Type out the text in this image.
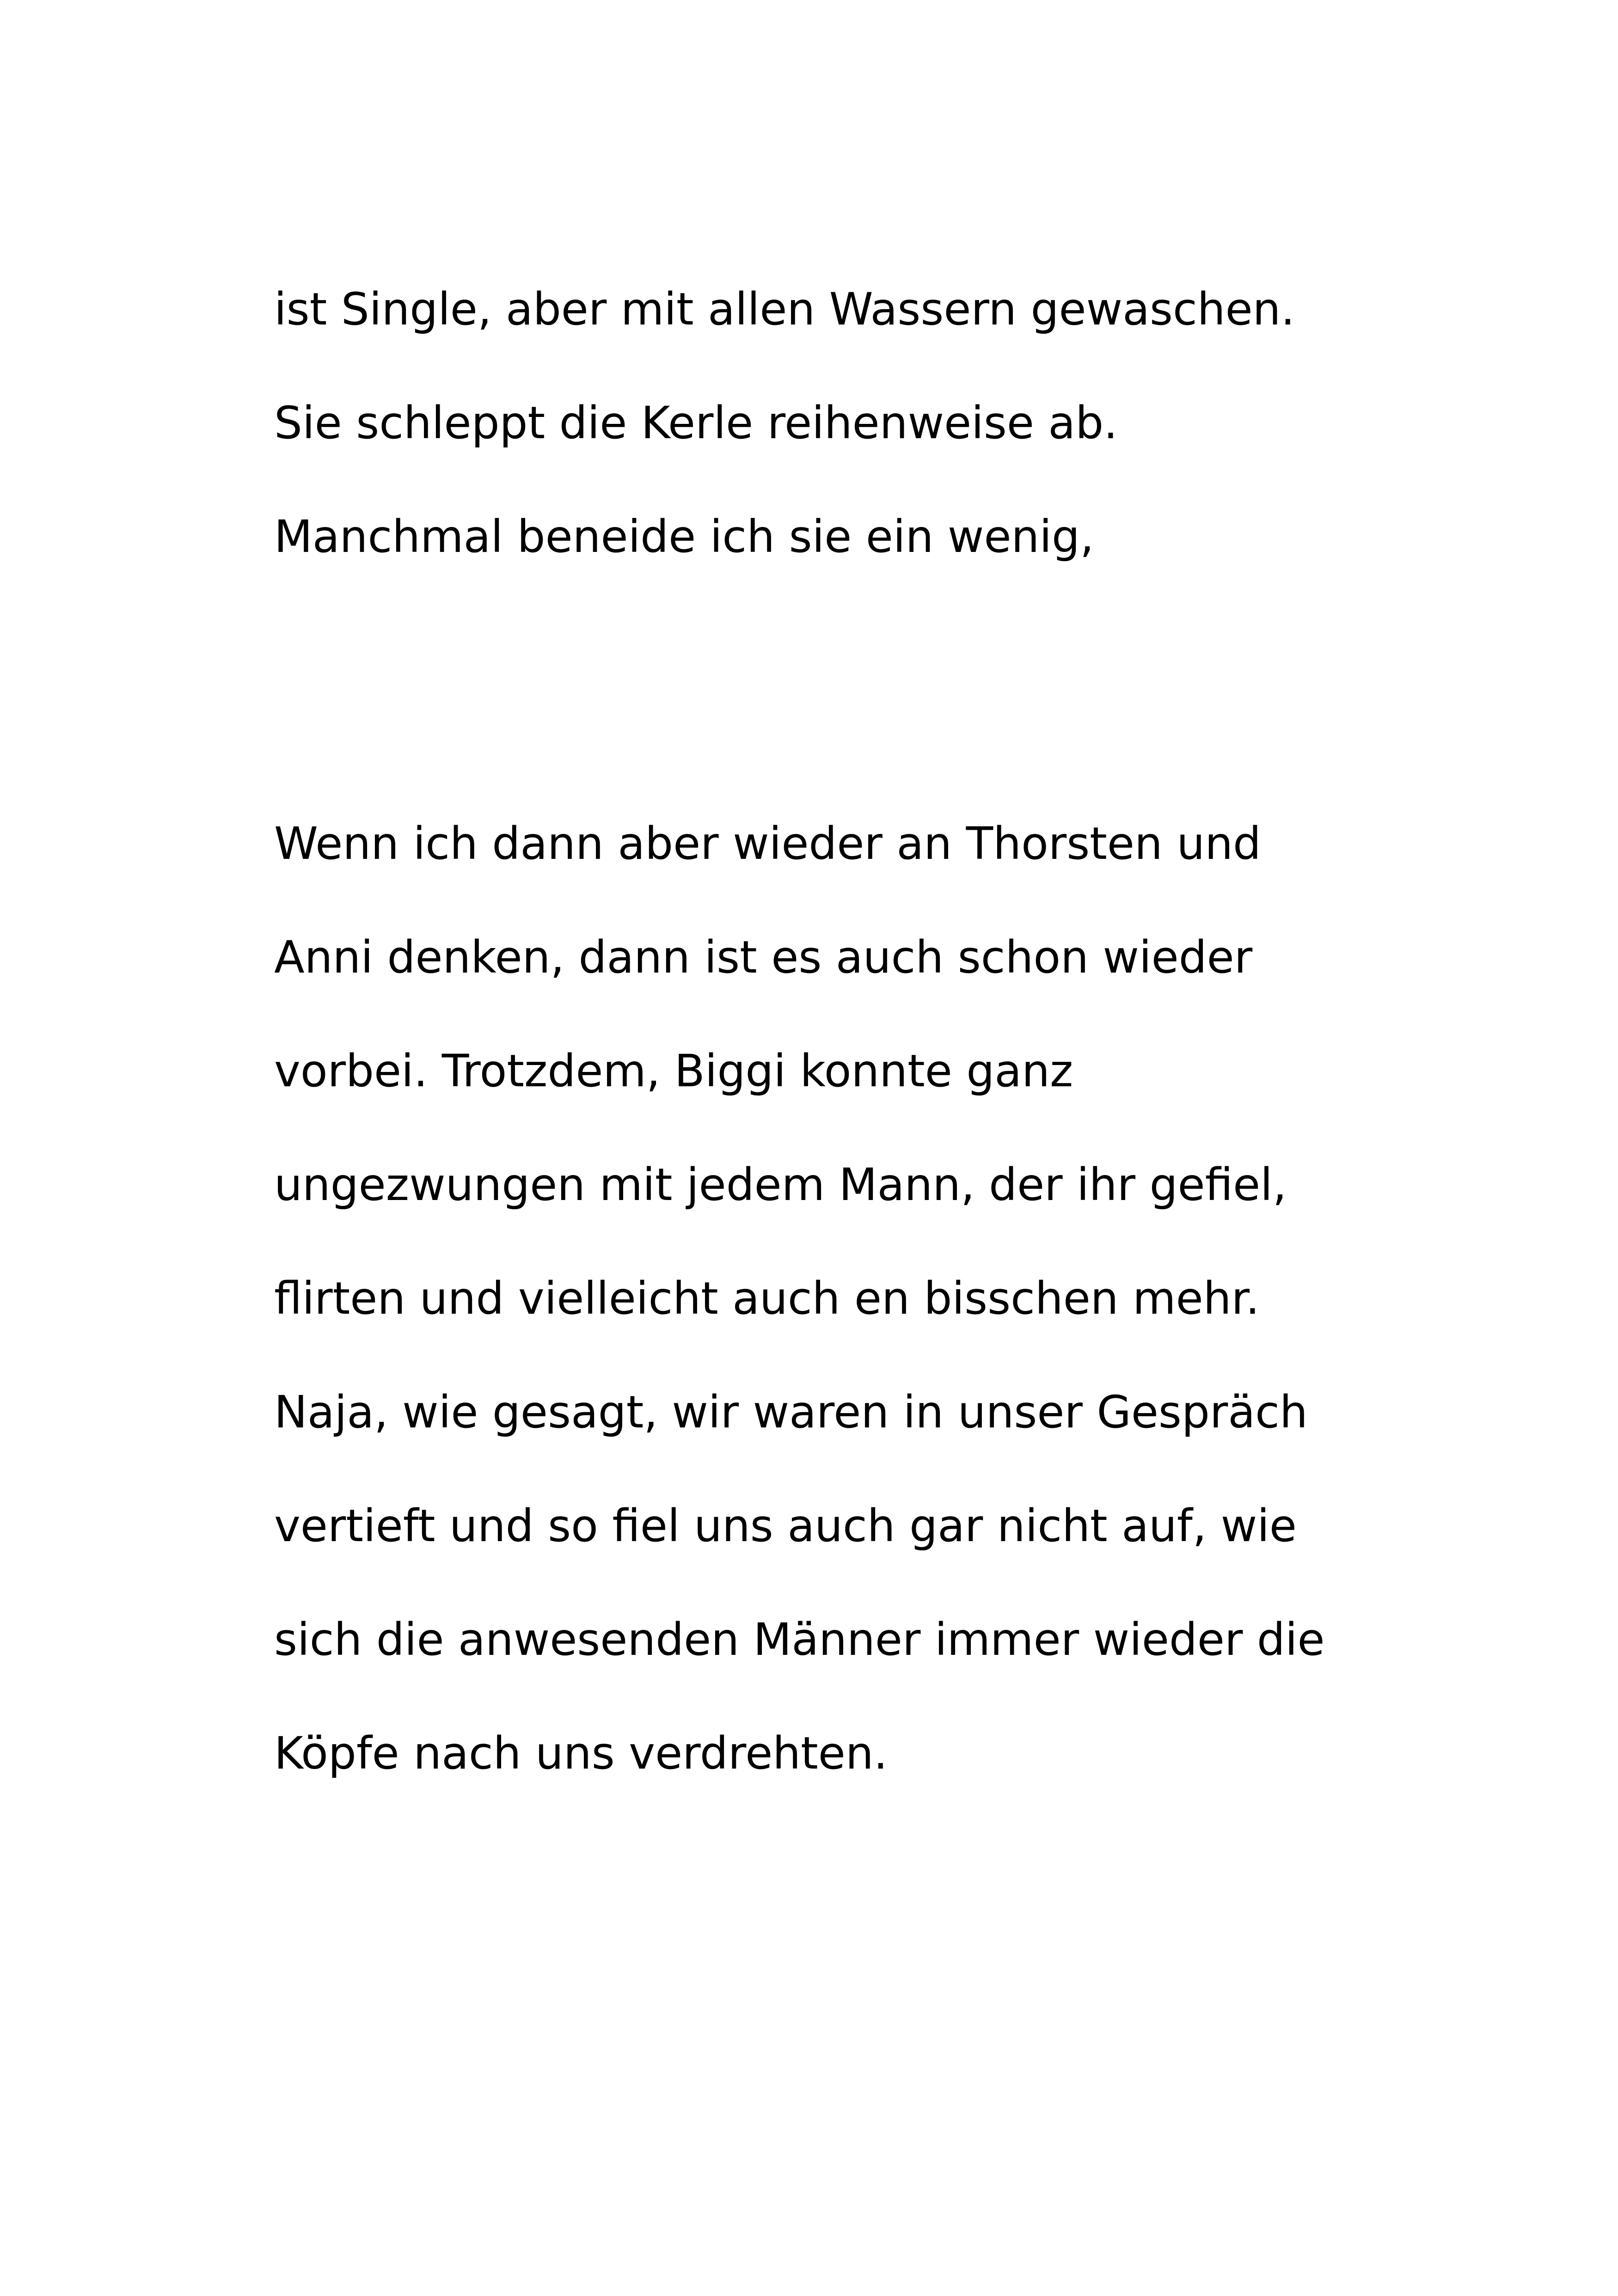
ist Single, aber mit allen Wassern gewaschen.

Sie schleppt die Kerle reihenweise ab.

Manchmal beneide ich sie ein wenig,

Wenn ich dann aber wieder an Thorsten und

Anni denken, dann ist es auch schon wieder

vorbei. Trotzdem, Biggi konnte ganz

ungezwungen mit jedem Mann, der ihr gefiel,

flirten und vielleicht auch en bisschen mehr.

Naja, wie gesagt, wir waren in unser Gespräch

vertieft und so fiel uns auch gar nicht auf, wie

sich die anwesenden Männer immer wieder die

Köpfe nach uns verdrehten.
